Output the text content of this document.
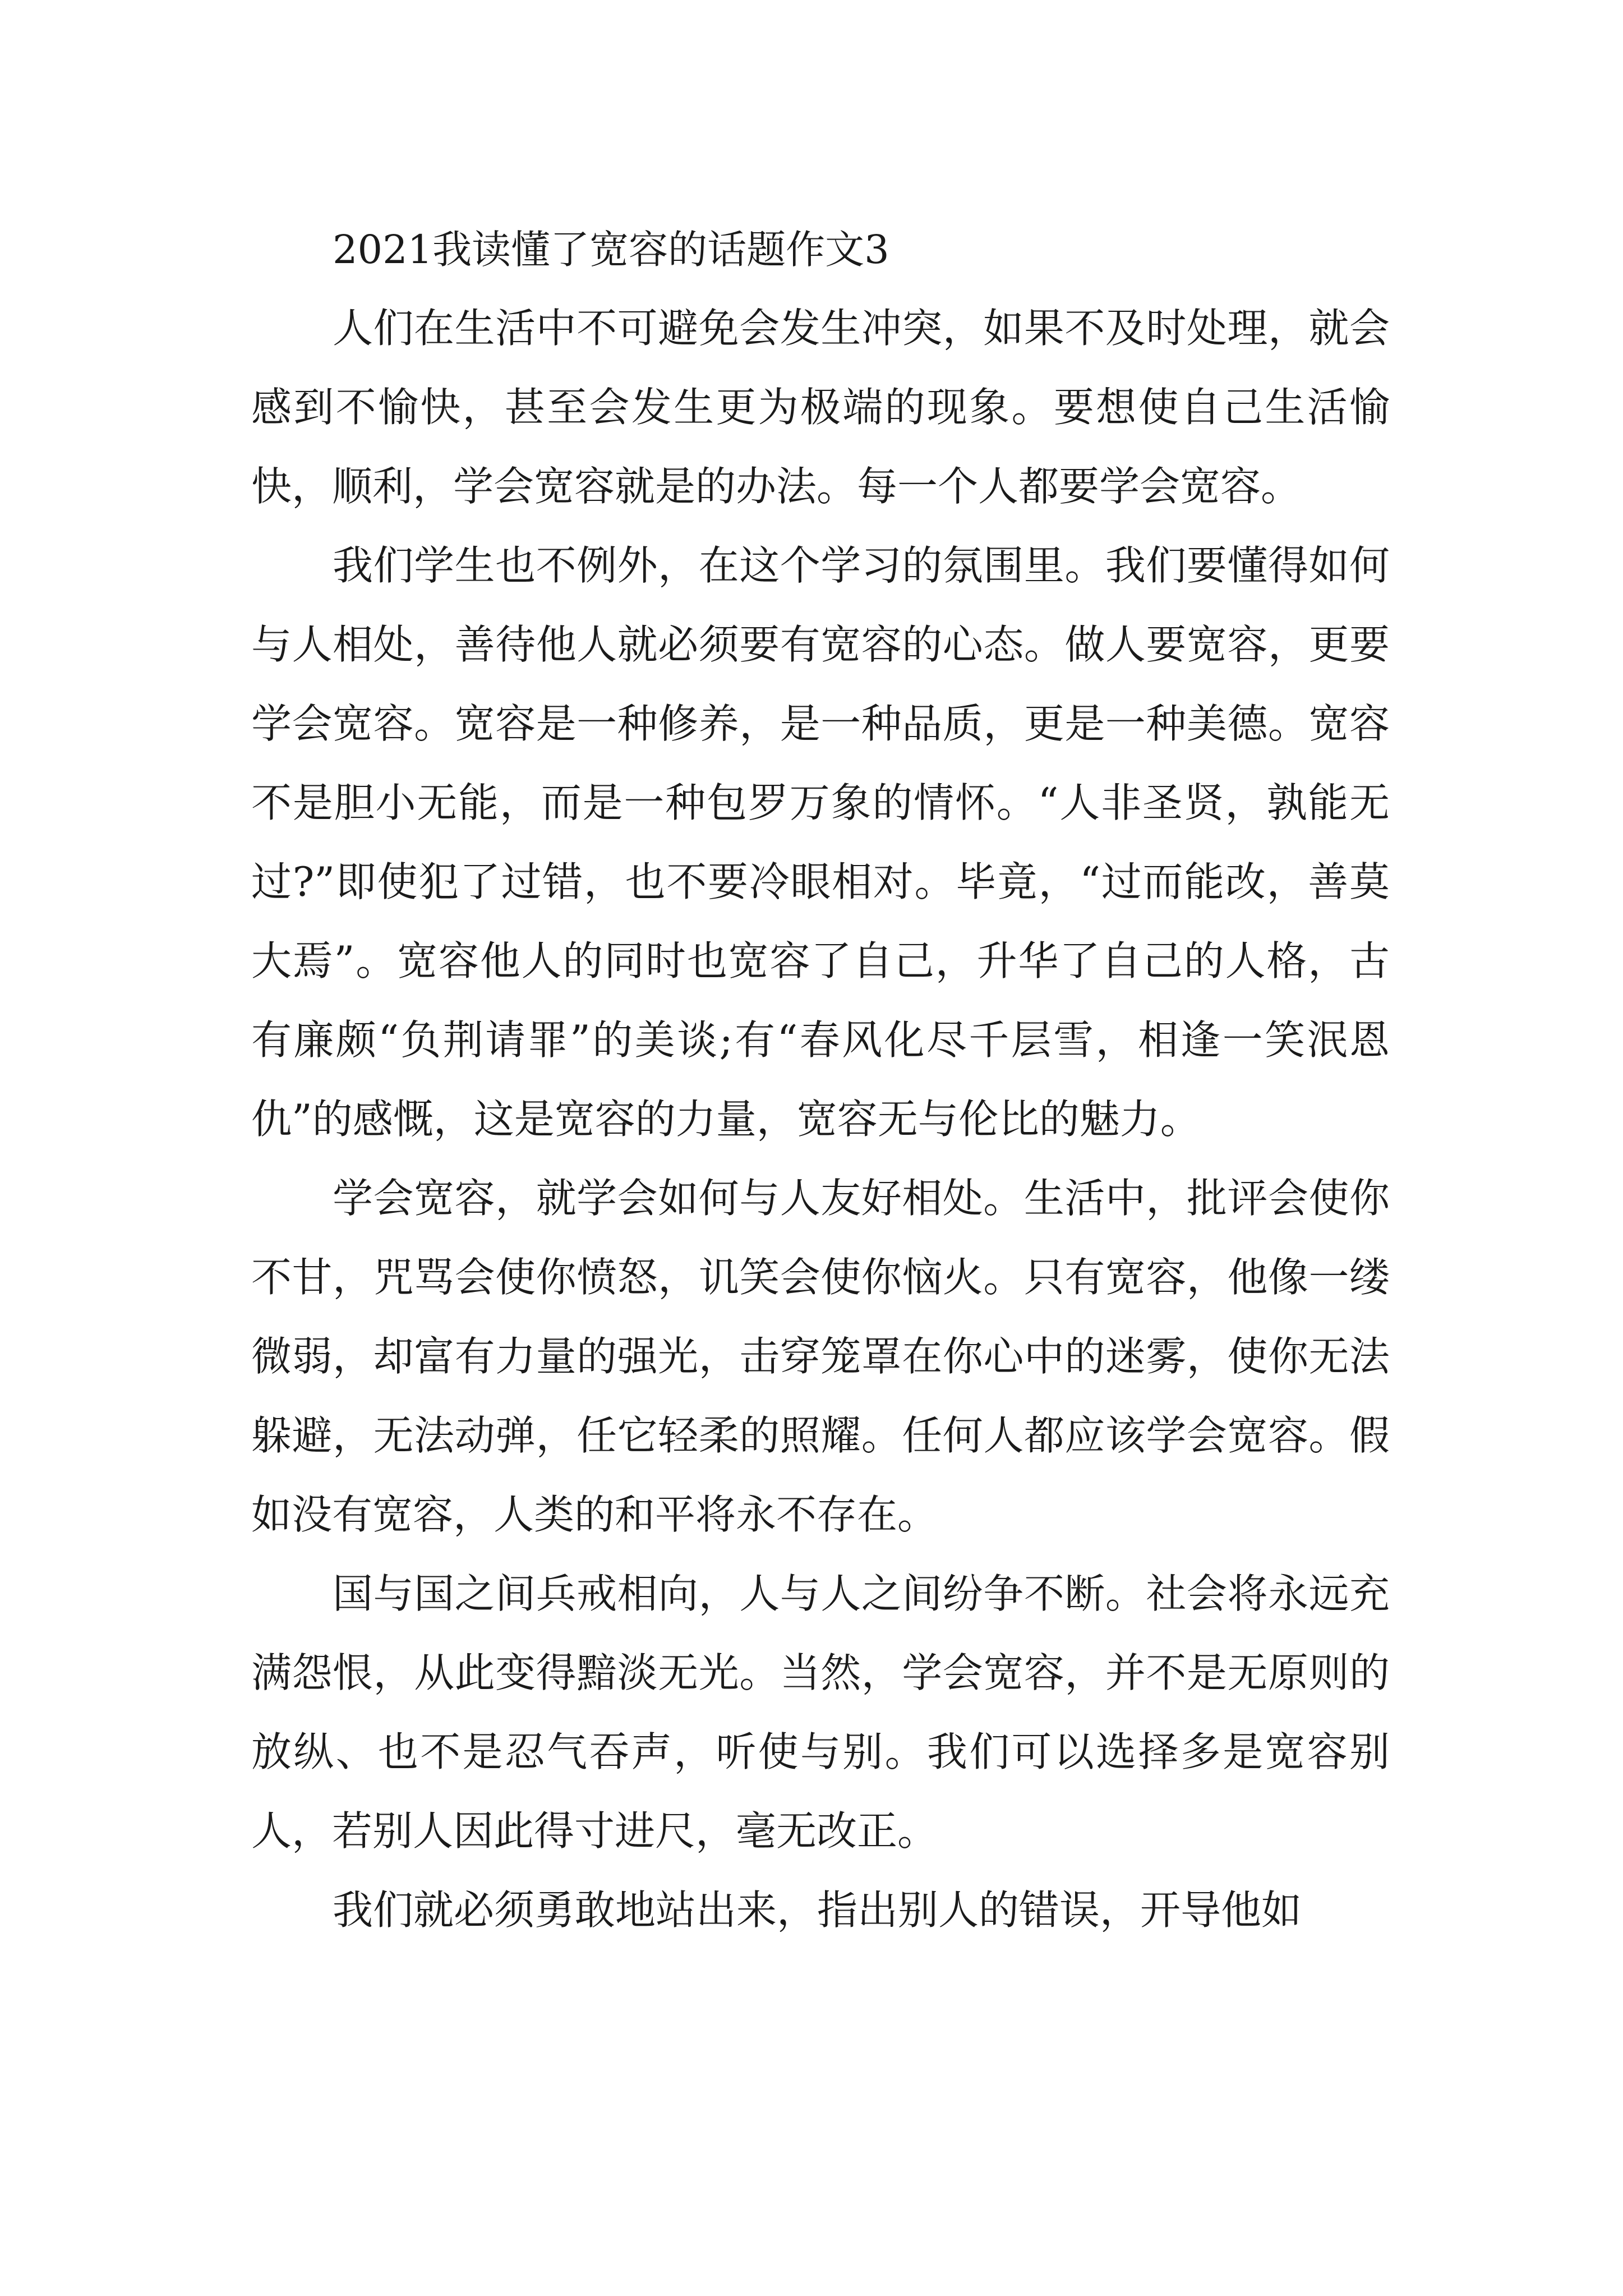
2021我读懂了宽容的话题作文3

人们在生活中不可避免会发生冲突，如果不及时处理，就会感到不愉快，甚至会发生更为极端的现象。要想使自己生活愉快，顺利，学会宽容就是的办法。每一个人都要学会宽容。

我们学生也不例外，在这个学习的氛围里。我们要懂得如何与人相处，善待他人就必须要有宽容的心态。做人要宽容，更要学会宽容。宽容是一种修养，是一种品质，更是一种美德。宽容不是胆小无能，而是一种包罗万象的情怀。“人非圣贤，孰能无过?”即使犯了过错，也不要冷眼相对。毕竟，“过而能改，善莫大焉”。宽容他人的同时也宽容了自己，升华了自己的人格，古有廉颇“负荆请罪”的美谈;有“春风化尽千层雪，相逢一笑泯恩仇”的感慨，这是宽容的力量，宽容无与伦比的魅力。

学会宽容，就学会如何与人友好相处。生活中，批评会使你不甘，咒骂会使你愤怒，讥笑会使你恼火。只有宽容，他像一缕微弱，却富有力量的强光，击穿笼罩在你心中的迷雾，使你无法躲避，无法动弹，任它轻柔的照耀。任何人都应该学会宽容。假如没有宽容，人类的和平将永不存在。

国与国之间兵戒相向，人与人之间纷争不断。社会将永远充满怨恨，从此变得黯淡无光。当然，学会宽容，并不是无原则的放纵、也不是忍气吞声，听使与别。我们可以选择多是宽容别人，若别人因此得寸进尺，毫无改正。

我们就必须勇敢地站出来，指出别人的错误，开导他如
